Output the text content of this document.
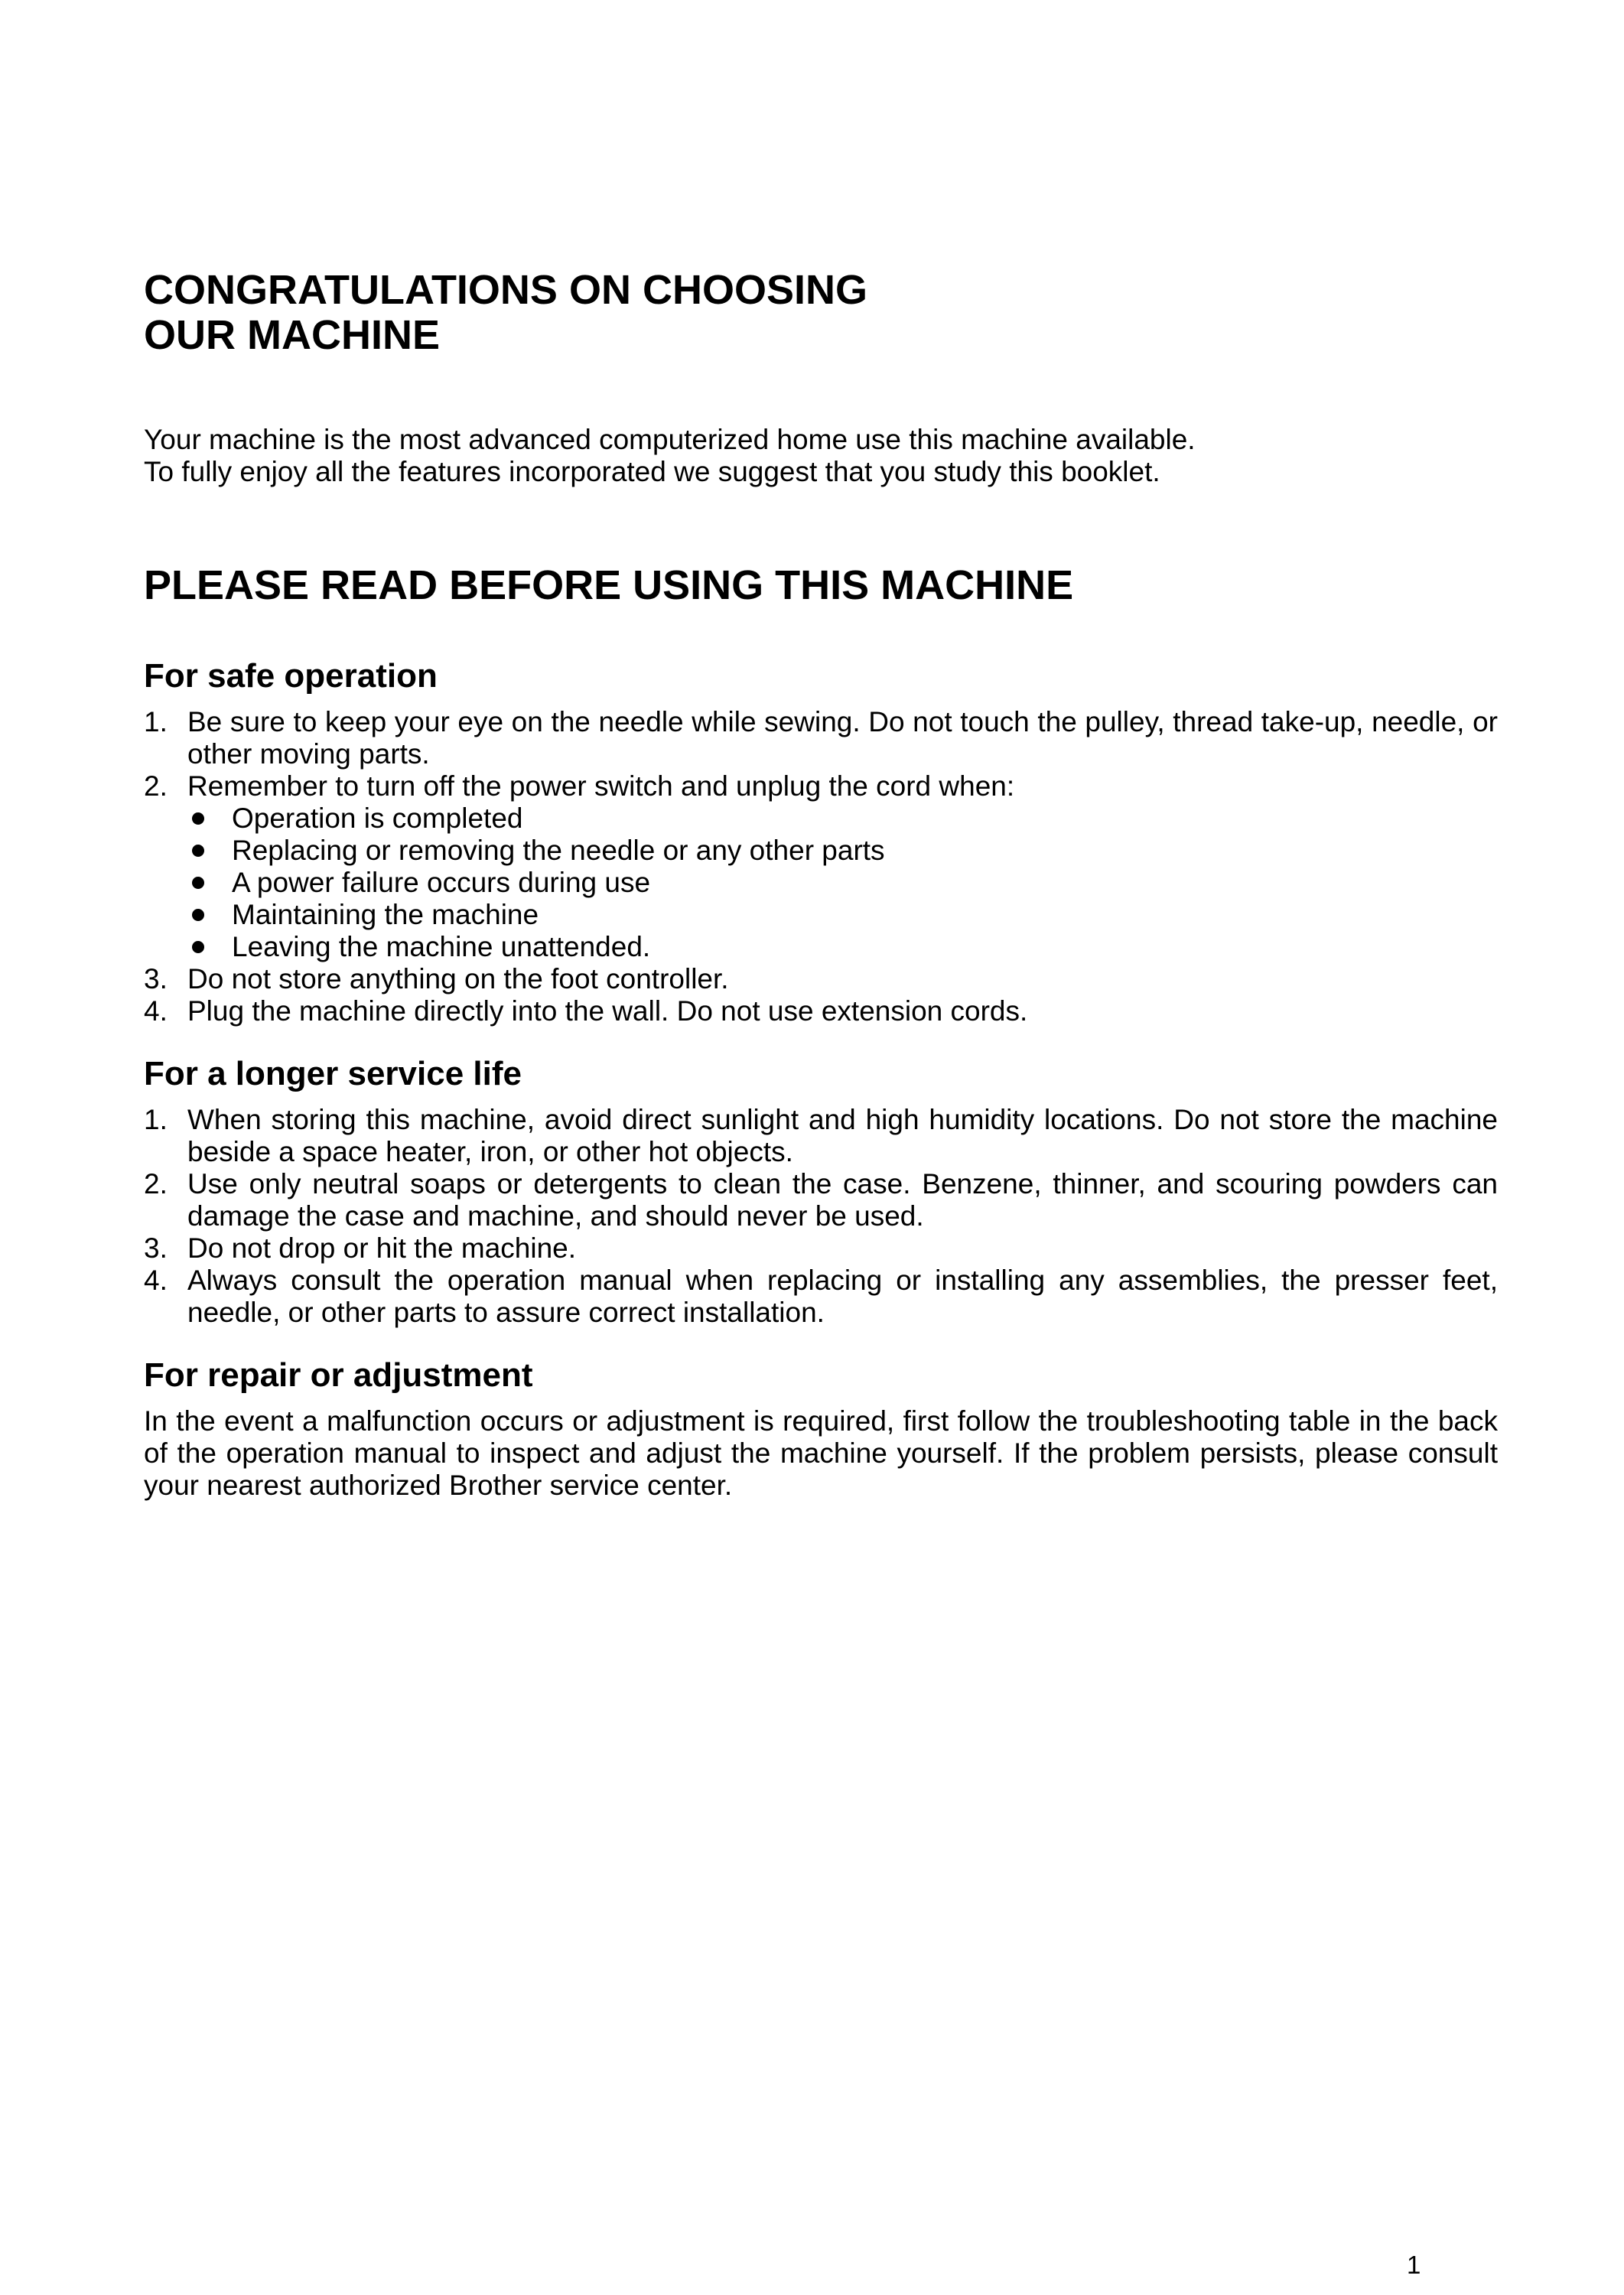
CONGRATULATIONS ON CHOOSING
OUR MACHINE
Your machine is the most advanced computerized home use this machine available.
To fully enjoy all the features incorporated we suggest that you study this booklet.
PLEASE READ BEFORE USING THIS MACHINE
For safe operation
1. Be sure to keep your eye on the needle while sewing. Do not touch the pulley, thread take-up, needle, or other moving parts.
2. Remember to turn off the power switch and unplug the cord when:
Operation is completed
Replacing or removing the needle or any other parts
A power failure occurs during use
Maintaining the machine
Leaving the machine unattended.
3. Do not store anything on the foot controller.
4. Plug the machine directly into the wall. Do not use extension cords.
For a longer service life
1. When storing this machine, avoid direct sunlight and high humidity locations. Do not store the machine beside a space heater, iron, or other hot objects.
2. Use only neutral soaps or detergents to clean the case. Benzene, thinner, and scouring powders can damage the case and machine, and should never be used.
3. Do not drop or hit the machine.
4. Always consult the operation manual when replacing or installing any assemblies, the presser feet, needle, or other parts to assure correct installation.
For repair or adjustment

In the event a malfunction occurs or adjustment is required, first follow the troubleshooting table in the back of the operation manual to inspect and adjust the machine yourself. If the problem persists, please consult your nearest authorized Brother service center.

1
